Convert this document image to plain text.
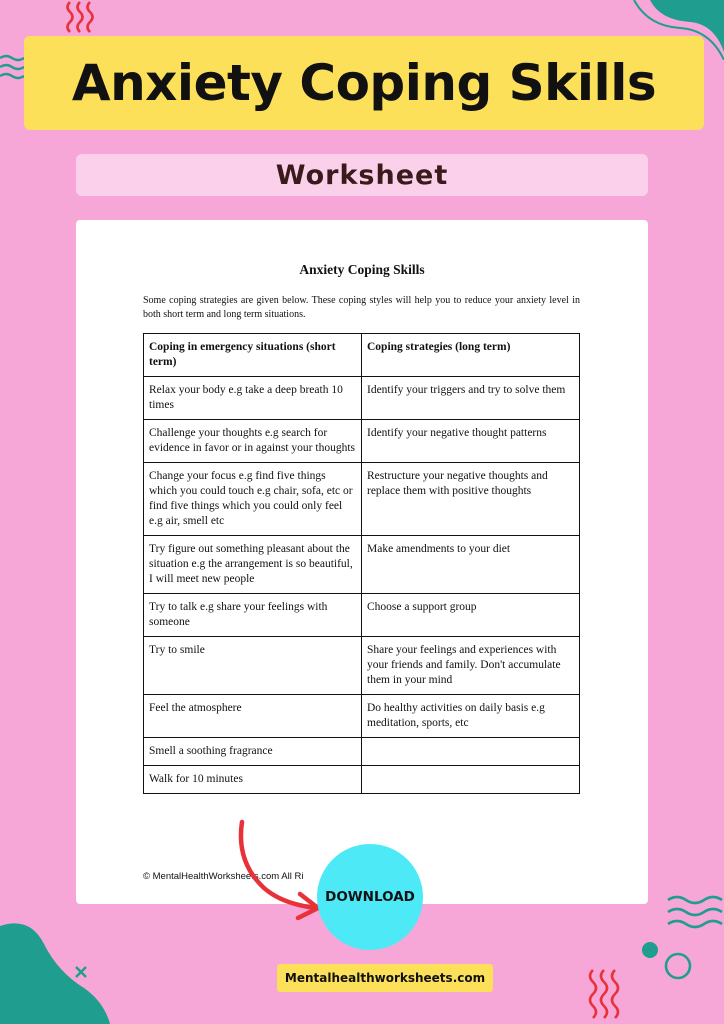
Anxiety Coping Skills
Worksheet
Anxiety Coping Skills
Some coping strategies are given below. These coping styles will help you to reduce your anxiety level in both short term and long term situations.
Coping in emergency situations (short term)	Coping strategies (long term)
Relax your body e.g take a deep breath 10 times	Identify your triggers and try to solve them
Challenge your thoughts e.g search for evidence in favor or in against your thoughts	Identify your negative thought patterns
Change your focus e.g find five things which you could touch e.g chair, sofa, etc or find five things which you could only feel e.g air, smell etc	Restructure your negative thoughts and replace them with positive thoughts
Try figure out something pleasant about the situation e.g the arrangement is so beautiful, I will meet new people	Make amendments to your diet
Try to talk e.g share your feelings with someone	Choose a support group
Try to smile	Share your feelings and experiences with your friends and family. Don't accumulate them in your mind
Feel the atmosphere	Do healthy activities on daily basis e.g meditation, sports, etc
Smell a soothing fragrance	
Walk for 10 minutes	
© MentalHealthWorksheets.com All Ri
DOWNLOAD
Mentalhealthworksheets.com
